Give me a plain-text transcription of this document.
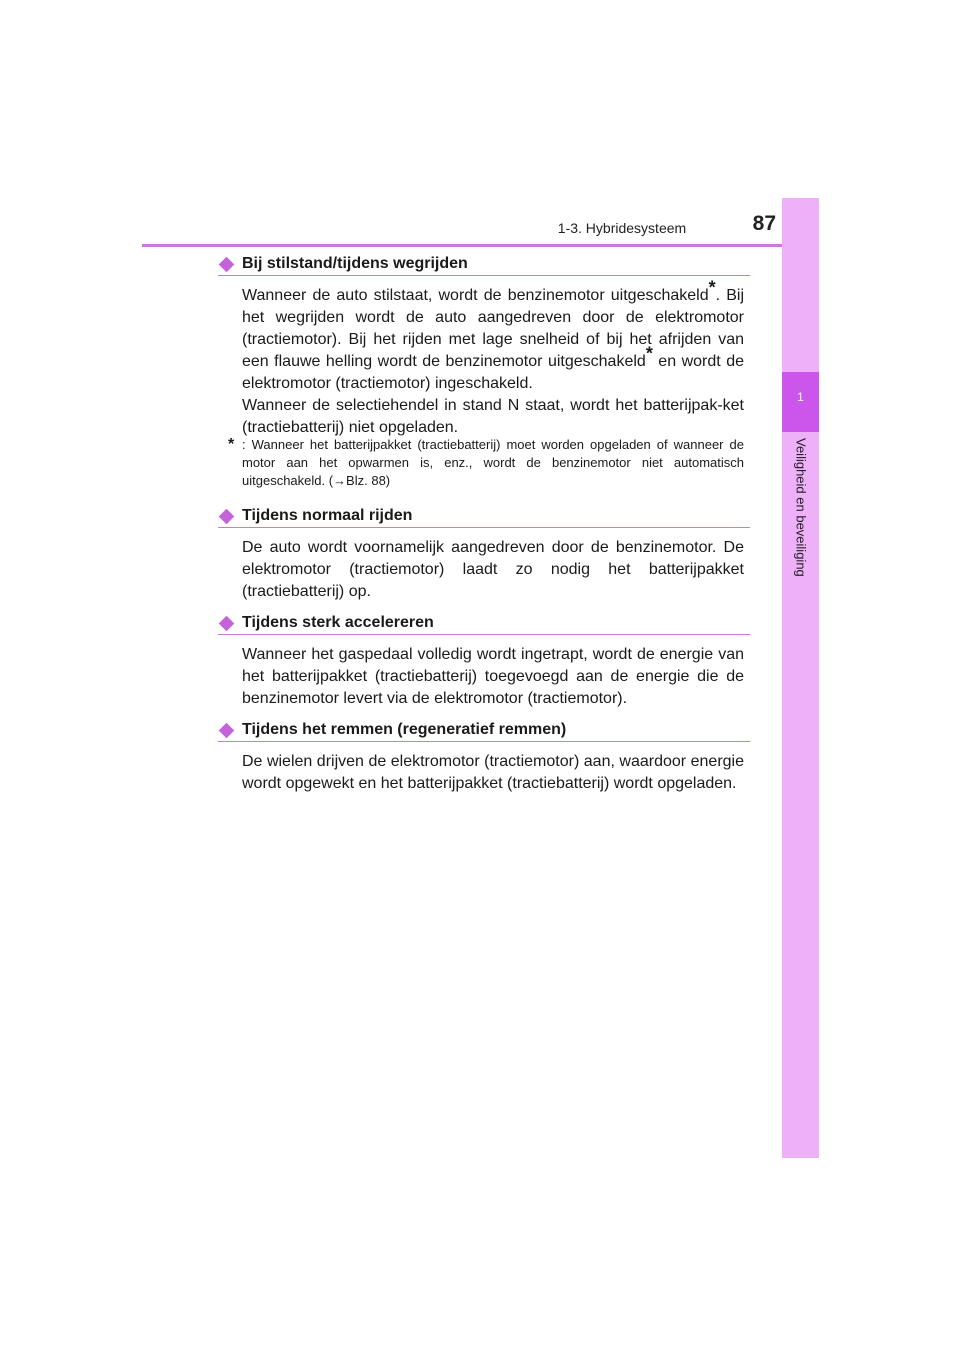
1-3. Hybridesysteem	87
1
Veiligheid en beveiliging
Bij stilstand/tijdens wegrijden
Wanneer de auto stilstaat, wordt de benzinemotor uitgeschakeld*. Bij het wegrijden wordt de auto aangedreven door de elektromotor (tractiemotor). Bij het rijden met lage snelheid of bij het afrijden van een flauwe helling wordt de benzinemotor uitgeschakeld* en wordt de elektromotor (tractiemotor) ingeschakeld.
Wanneer de selectiehendel in stand N staat, wordt het batterijpak-ket (tractiebatterij) niet opgeladen.
* : Wanneer het batterijpakket (tractiebatterij) moet worden opgeladen of wanneer de motor aan het opwarmen is, enz., wordt de benzinemotor niet automatisch uitgeschakeld. (→Blz. 88)
Tijdens normaal rijden
De auto wordt voornamelijk aangedreven door de benzinemotor. De elektromotor (tractiemotor) laadt zo nodig het batterijpakket (tractiebatterij) op.
Tijdens sterk accelereren
Wanneer het gaspedaal volledig wordt ingetrapt, wordt de energie van het batterijpakket (tractiebatterij) toegevoegd aan de energie die de benzinemotor levert via de elektromotor (tractiemotor).
Tijdens het remmen (regeneratief remmen)
De wielen drijven de elektromotor (tractiemotor) aan, waardoor energie wordt opgewekt en het batterijpakket (tractiebatterij) wordt opgeladen.
